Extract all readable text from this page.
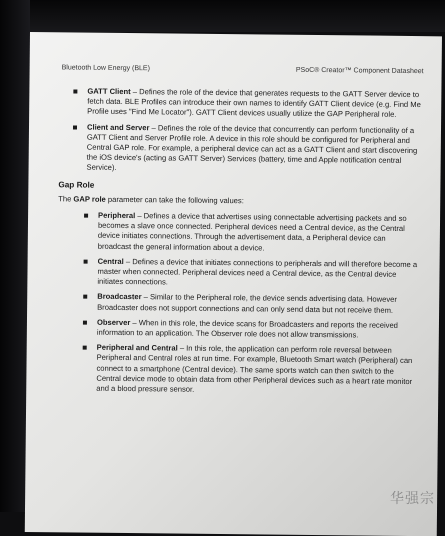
Bluetooth Low Energy (BLE)	PSoC® Creator™ Component Datasheet
GATT Client – Defines the role of the device that generates requests to the GATT Server device to fetch data. BLE Profiles can introduce their own names to identify GATT Client device (e.g. Find Me Profile uses "Find Me Locator"). GATT Client devices usually utilize the GAP Peripheral role.
Client and Server – Defines the role of the device that concurrently can perform functionality of a GATT Client and Server Profile role. A device in this role should be configured for Peripheral and Central GAP role. For example, a peripheral device can act as a GATT Client and start discovering the iOS device's (acting as GATT Server) Services (battery, time and Apple notification central Service).
Gap Role
The GAP role parameter can take the following values:
Peripheral – Defines a device that advertises using connectable advertising packets and so becomes a slave once connected. Peripheral devices need a Central device, as the Central device initiates connections. Through the advertisement data, a Peripheral device can broadcast the general information about a device.
Central – Defines a device that initiates connections to peripherals and will therefore become a master when connected. Peripheral devices need a Central device, as the Central device initiates connections.
Broadcaster – Similar to the Peripheral role, the device sends advertising data. However Broadcaster does not support connections and can only send data but not receive them.
Observer – When in this role, the device scans for Broadcasters and reports the received information to an application. The Observer role does not allow transmissions.
Peripheral and Central – In this role, the application can perform role reversal between Peripheral and Central roles at run time. For example, Bluetooth Smart watch (Peripheral) can connect to a smartphone (Central device). The same sports watch can then switch to the Central device mode to obtain data from other Peripheral devices such as a heart rate monitor and a blood pressure sensor.
华强宗
